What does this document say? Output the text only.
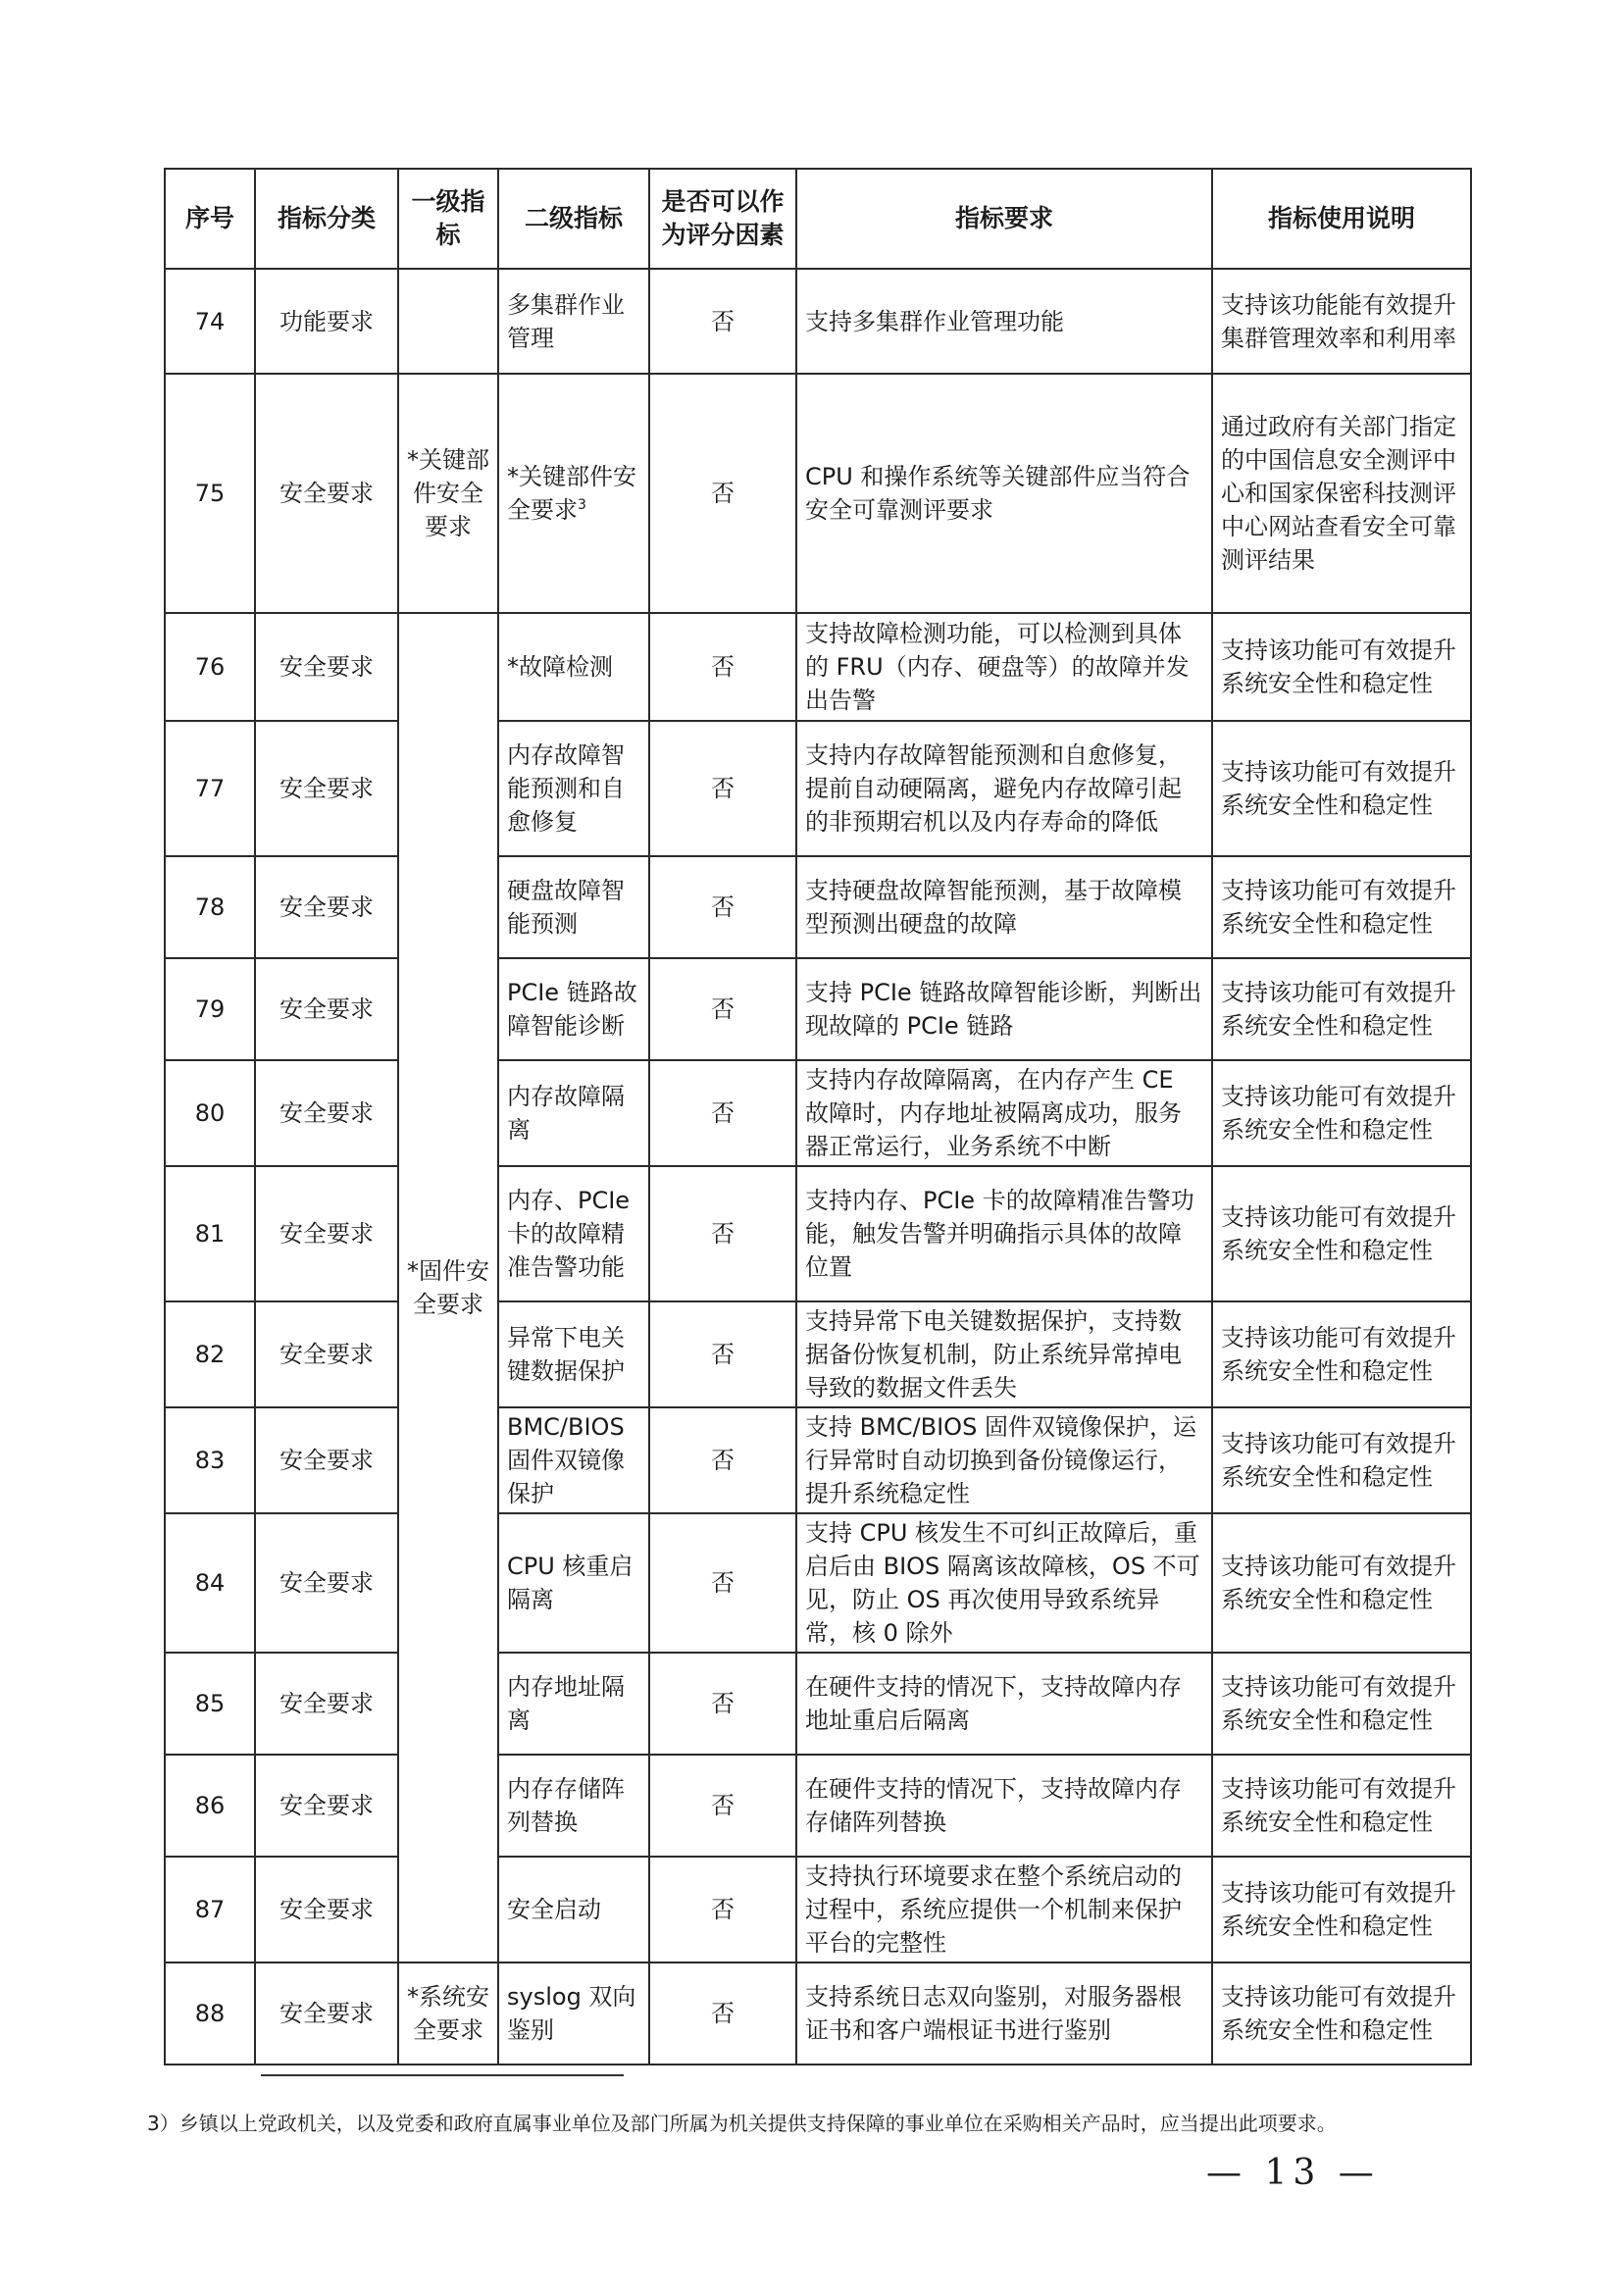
序号	指标分类	一级指标	二级指标	是否可以作为评分因素	指标要求	指标使用说明
74	功能要求		多集群作业管理	否	支持多集群作业管理功能	支持该功能能有效提升集群管理效率和利用率
75	安全要求	*关键部件安全要求	*关键部件安全要求$^3$	否	CPU 和操作系统等关键部件应当符合安全可靠测评要求	通过政府有关部门指定的中国信息安全测评中心和国家保密科技测评中心网站查看安全可靠测评结果
76	安全要求	*固件安全要求	*故障检测	否	支持故障检测功能，可以检测到具体的 FRU（内存、硬盘等）的故障并发出告警	支持该功能可有效提升系统安全性和稳定性
77	安全要求		内存故障智能预测和自愈修复	否	支持内存故障智能预测和自愈修复，提前自动硬隔离，避免内存故障引起的非预期宕机以及内存寿命的降低	支持该功能可有效提升系统安全性和稳定性
78	安全要求		硬盘故障智能预测	否	支持硬盘故障智能预测，基于故障模型预测出硬盘的故障	支持该功能可有效提升系统安全性和稳定性
79	安全要求		PCIe 链路故障智能诊断	否	支持 PCIe 链路故障智能诊断，判断出现故障的 PCIe 链路	支持该功能可有效提升系统安全性和稳定性
80	安全要求		内存故障隔离	否	支持内存故障隔离，在内存产生 CE 故障时，内存地址被隔离成功，服务器正常运行，业务系统不中断	支持该功能可有效提升系统安全性和稳定性
81	安全要求		内存、PCIe 卡的故障精准告警功能	否	支持内存、PCIe 卡的故障精准告警功能，触发告警并明确指示具体的故障位置	支持该功能可有效提升系统安全性和稳定性
82	安全要求		异常下电关键数据保护	否	支持异常下电关键数据保护，支持数据备份恢复机制，防止系统异常掉电导致的数据文件丢失	支持该功能可有效提升系统安全性和稳定性
83	安全要求		BMC/BIOS 固件双镜像保护	否	支持 BMC/BIOS 固件双镜像保护，运行异常时自动切换到备份镜像运行，提升系统稳定性	支持该功能可有效提升系统安全性和稳定性
84	安全要求		CPU 核重启隔离	否	支持 CPU 核发生不可纠正故障后，重启后由 BIOS 隔离该故障核，OS 不可见，防止 OS 再次使用导致系统异常，核 0 除外	支持该功能可有效提升系统安全性和稳定性
85	安全要求		内存地址隔离	否	在硬件支持的情况下，支持故障内存地址重启后隔离	支持该功能可有效提升系统安全性和稳定性
86	安全要求		内存存储阵列替换	否	在硬件支持的情况下，支持故障内存存储阵列替换	支持该功能可有效提升系统安全性和稳定性
87	安全要求		安全启动	否	支持执行环境要求在整个系统启动的过程中，系统应提供一个机制来保护平台的完整性	支持该功能可有效提升系统安全性和稳定性
88	安全要求	*系统安全要求	syslog 双向鉴别	否	支持系统日志双向鉴别，对服务器根证书和客户端根证书进行鉴别	支持该功能可有效提升系统安全性和稳定性
3）乡镇以上党政机关，以及党委和政府直属事业单位及部门所属为机关提供支持保障的事业单位在采购相关产品时，应当提出此项要求。
— 13 —
